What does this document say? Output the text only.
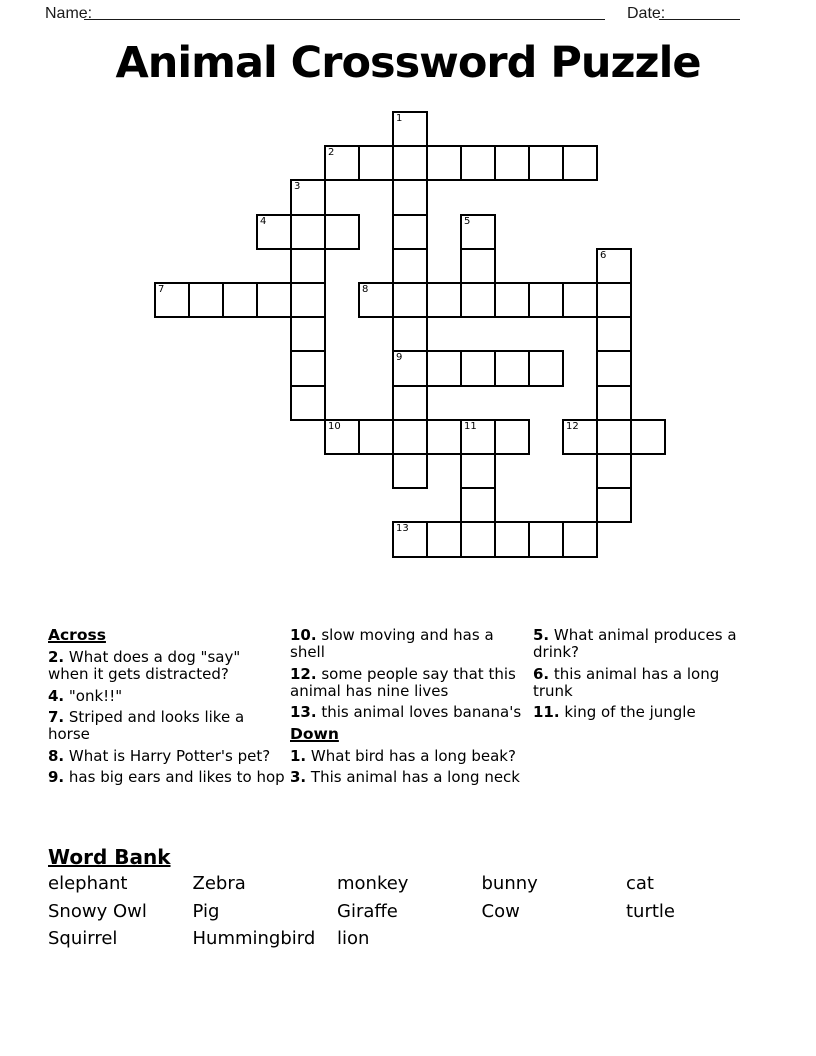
Name:	Date:
Animal Crossword Puzzle
1
2
3
4	5
6
7	8
9
10	11	12
13
Across
2. What does a dog "say" when it gets distracted?
4. "onk!!"
7. Striped and looks like a horse
8. What is Harry Potter's pet?
9. has big ears and likes to hop
10. slow moving and has a shell
12. some people say that this animal has nine lives
13. this animal loves banana's
Down
1. What bird has a long beak?
3. This animal has a long neck
5. What animal produces a drink?
6. this animal has a long trunk
11. king of the jungle
Word Bank
elephant	Zebra	monkey	bunny	cat
Snowy Owl	Pig	Giraffe	Cow	turtle
Squirrel	Hummingbird	lion
